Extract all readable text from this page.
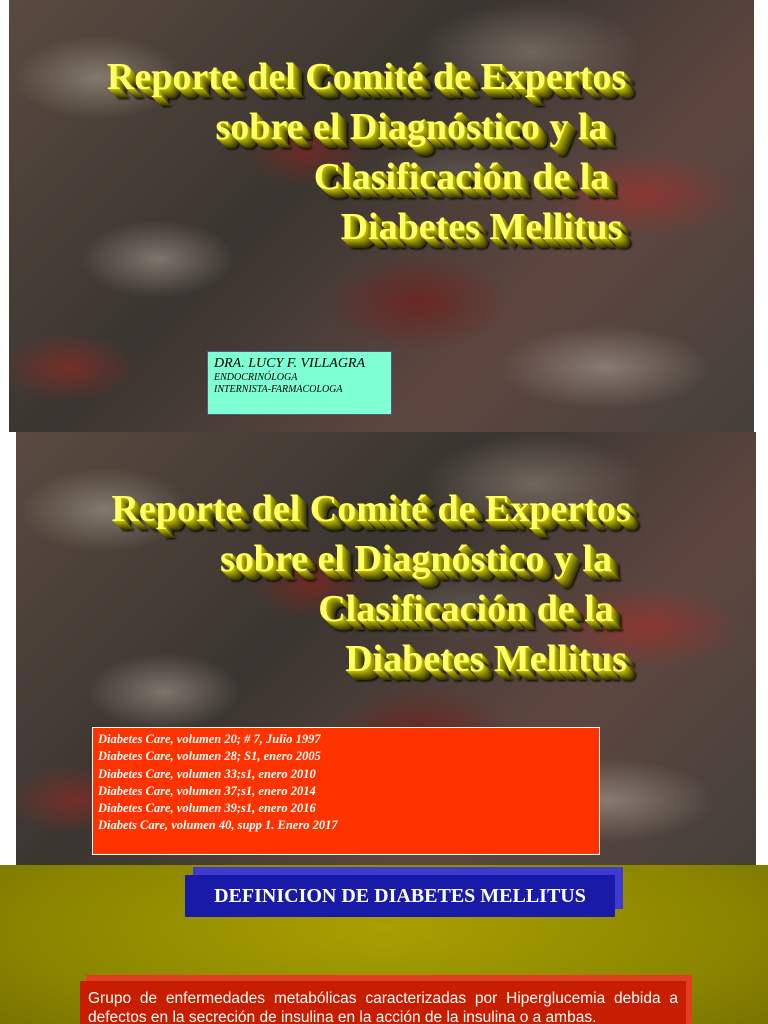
Reporte del Comité de Expertos
sobre el Diagnóstico y la
Clasificación de la
Diabetes Mellitus
DRA. LUCY F. VILLAGRA
ENDOCRINÓLOGA
INTERNISTA-FARMACOLOGA
Reporte del Comité de Expertos
sobre el Diagnóstico y la
Clasificación de la
Diabetes Mellitus
Diabetes Care, volumen 20; # 7, Julio 1997
Diabetes Care, volumen 28; S1, enero 2005
Diabetes Care, volumen 33;s1, enero 2010
Diabetes Care, volumen 37;s1, enero 2014
Diabetes Care, volumen 39;s1, enero 2016
Diabets Care, volumen 40, supp 1. Enero 2017
DEFINICION DE DIABETES MELLITUS
Grupo de enfermedades metabólicas caracterizadas por Hiperglucemia debida a defectos en la secreción de insulina en la acción de la insulina o a ambas.
